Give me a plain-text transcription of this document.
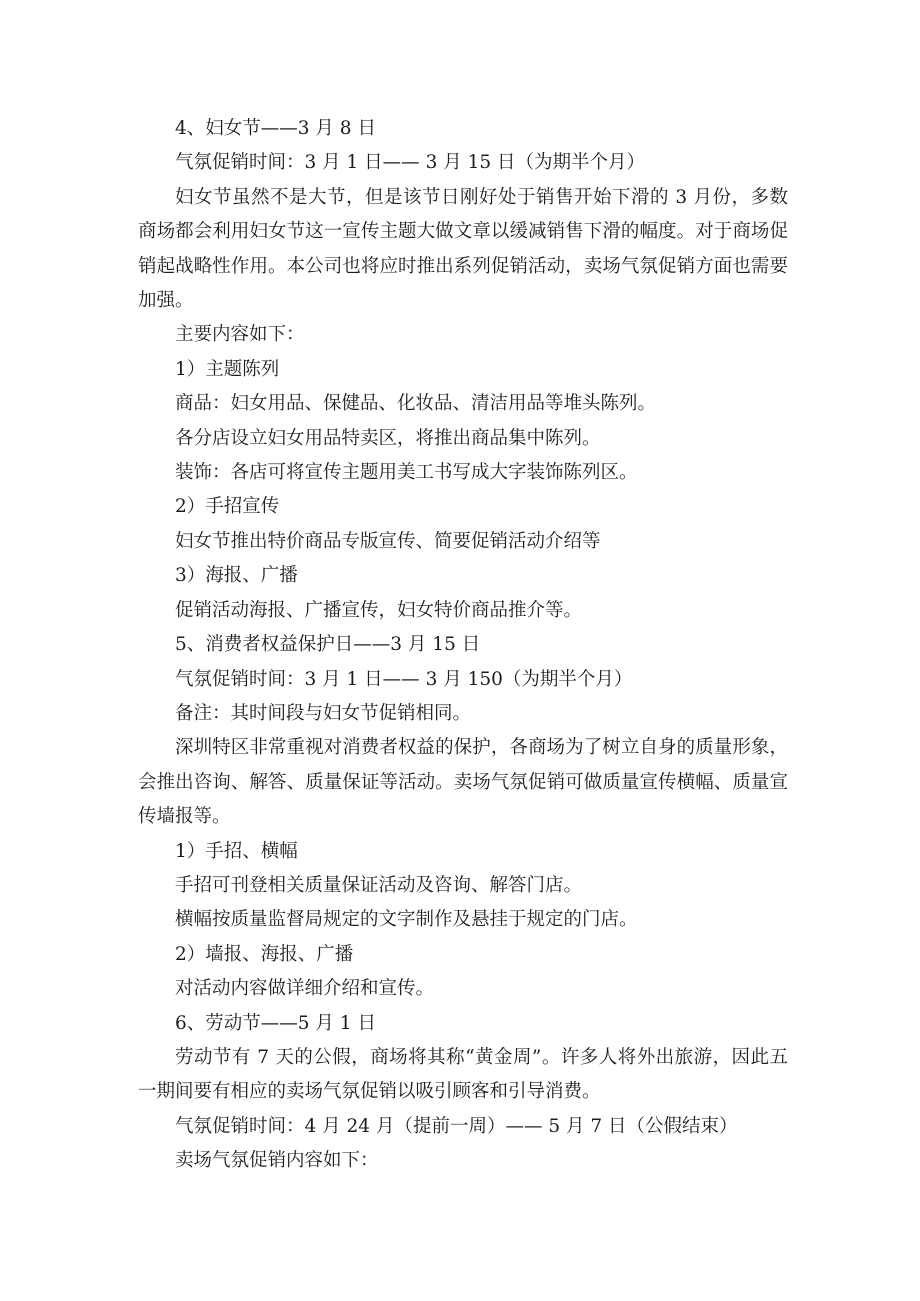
4、妇女节——3 月 8 日
气氛促销时间：3 月 1 日—— 3 月 15 日（为期半个月）
妇女节虽然不是大节，但是该节日刚好处于销售开始下滑的 3 月份，多数商场都会利用妇女节这一宣传主题大做文章以缓减销售下滑的幅度。对于商场促销起战略性作用。本公司也将应时推出系列促销活动，卖场气氛促销方面也需要加强。
主要内容如下：
1）主题陈列
商品：妇女用品、保健品、化妆品、清洁用品等堆头陈列。
各分店设立妇女用品特卖区，将推出商品集中陈列。
装饰：各店可将宣传主题用美工书写成大字装饰陈列区。
2）手招宣传
妇女节推出特价商品专版宣传、简要促销活动介绍等
3）海报、广播
促销活动海报、广播宣传，妇女特价商品推介等。
5、消费者权益保护日——3 月 15 日
气氛促销时间：3 月 1 日—— 3 月 150（为期半个月）
备注：其时间段与妇女节促销相同。
深圳特区非常重视对消费者权益的保护，各商场为了树立自身的质量形象，会推出咨询、解答、质量保证等活动。卖场气氛促销可做质量宣传横幅、质量宣传墙报等。
1）手招、横幅
手招可刊登相关质量保证活动及咨询、解答门店。
横幅按质量监督局规定的文字制作及悬挂于规定的门店。
2）墙报、海报、广播
对活动内容做详细介绍和宣传。
6、劳动节——5 月 1 日
劳动节有 7 天的公假，商场将其称“黄金周”。许多人将外出旅游，因此五一期间要有相应的卖场气氛促销以吸引顾客和引导消费。
气氛促销时间：4 月 24 月（提前一周）—— 5 月 7 日（公假结束）
卖场气氛促销内容如下：
